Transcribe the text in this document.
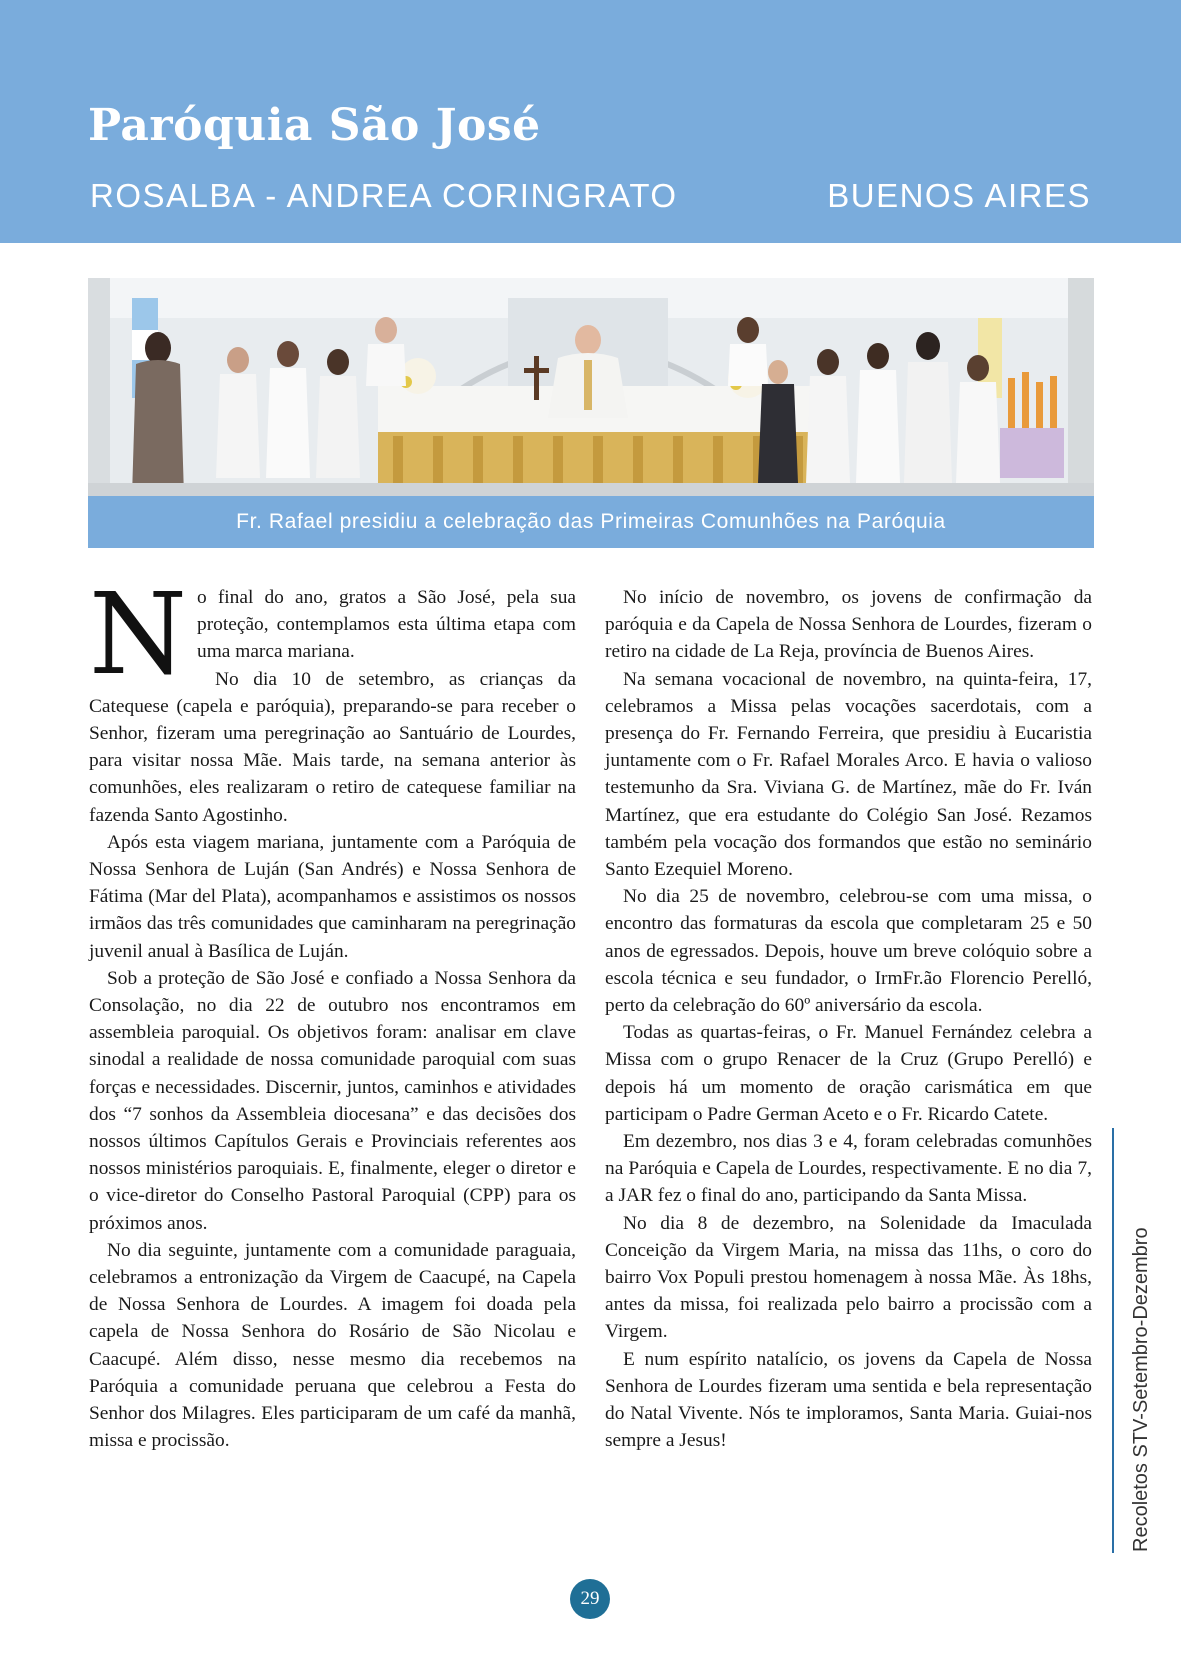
Paróquia São José
ROSALBA - ANDREA CORINGRATO	BUENOS AIRES
Fr. Rafael presidiu a celebração das Primeiras Comunhões na Paróquia

No final do ano, gratos a São José, pela sua proteção, contemplamos esta última etapa com uma marca mariana.

No dia 10 de setembro, as crianças da Catequese (capela e paróquia), preparando-se para receber o Senhor, fizeram uma peregrinação ao Santuário de Lourdes, para visitar nossa Mãe. Mais tarde, na semana anterior às comunhões, eles realizaram o retiro de catequese familiar na fazenda Santo Agostinho.

Após esta viagem mariana, juntamente com a Paróquia de Nossa Senhora de Luján (San Andrés) e Nossa Senhora de Fátima (Mar del Plata), acompanhamos e assistimos os nossos irmãos das três comunidades que caminharam na peregrinação juvenil anual à Basílica de Luján.

Sob a proteção de São José e confiado a Nossa Senhora da Consolação, no dia 22 de outubro nos encontramos em assembleia paroquial. Os objetivos foram: analisar em clave sinodal a realidade de nossa comunidade paroquial com suas forças e necessidades. Discernir, juntos, caminhos e atividades dos “7 sonhos da Assembleia diocesana” e das decisões dos nossos últimos Capítulos Gerais e Provinciais referentes aos nossos ministérios paroquiais. E, finalmente, eleger o diretor e o vice-diretor do Conselho Pastoral Paroquial (CPP) para os próximos anos.

No dia seguinte, juntamente com a comunidade paraguaia, celebramos a entronização da Virgem de Caacupé, na Capela de Nossa Senhora de Lourdes. A imagem foi doada pela capela de Nossa Senhora do Rosário de São Nicolau e Caacupé. Além disso, nesse mesmo dia recebemos na Paróquia a comunidade peruana que celebrou a Festa do Senhor dos Milagres. Eles participaram de um café da manhã, missa e procissão.

No início de novembro, os jovens de confirmação da paróquia e da Capela de Nossa Senhora de Lourdes, fizeram o retiro na cidade de La Reja, província de Buenos Aires.

Na semana vocacional de novembro, na quinta-feira, 17, celebramos a Missa pelas vocações sacerdotais, com a presença do Fr. Fernando Ferreira, que presidiu à Eucaristia juntamente com o Fr. Rafael Morales Arco. E havia o valioso testemunho da Sra. Viviana G. de Martínez, mãe do Fr. Iván Martínez, que era estudante do Colégio San José. Rezamos também pela vocação dos formandos que estão no seminário Santo Ezequiel Moreno.

No dia 25 de novembro, celebrou-se com uma missa, o encontro das formaturas da escola que completaram 25 e 50 anos de egressados. Depois, houve um breve colóquio sobre a escola técnica e seu fundador, o IrmFr.ão Florencio Perelló, perto da celebração do 60º aniversário da escola.

Todas as quartas-feiras, o Fr. Manuel Fernández celebra a Missa com o grupo Renacer de la Cruz (Grupo Perelló) e depois há um momento de oração carismática em que participam o Padre German Aceto e o Fr. Ricardo Catete.

Em dezembro, nos dias 3 e 4, foram celebradas comunhões na Paróquia e Capela de Lourdes, respectivamente. E no dia 7, a JAR fez o final do ano, participando da Santa Missa.

No dia 8 de dezembro, na Solenidade da Imaculada Conceição da Virgem Maria, na missa das 11hs, o coro do bairro Vox Populi prestou homenagem à nossa Mãe. Às 18hs, antes da missa, foi realizada pelo bairro a procissão com a Virgem.

E num espírito natalício, os jovens da Capela de Nossa Senhora de Lourdes fizeram uma sentida e bela representação do Natal Vivente. Nós te imploramos, Santa Maria. Guiai-nos sempre a Jesus!	Recoletos STV-Setembro-Dezembro
29
